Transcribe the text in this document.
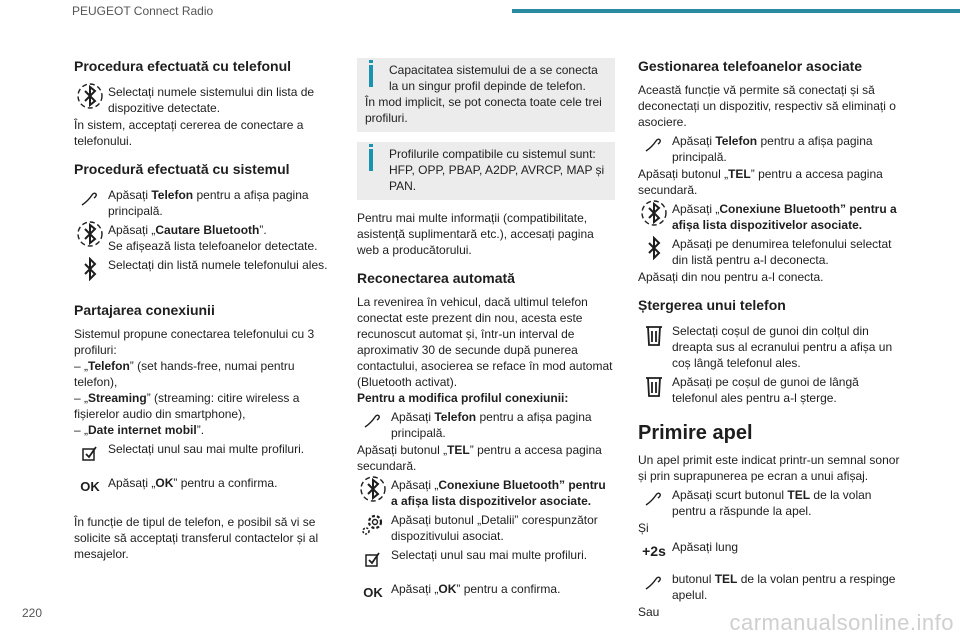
PEUGEOT Connect Radio
Procedura efectuată cu telefonul

Selectați numele sistemului din lista de dispozitive detectate.

În sistem, acceptați cererea de conectare a telefonului.

Procedură efectuată cu sistemul

Apăsați Telefon pentru a afișa pagina principală.

Apăsați „Cautare Bluetooth”.
Se afișează lista telefoanelor detectate.

Selectați din listă numele telefonului ales.

Partajarea conexiunii

Sistemul propune conectarea telefonului cu 3 profiluri:

– „Telefon” (set hands-free, numai pentru telefon),

– „Streaming” (streaming: citire wireless a fișierelor audio din smartphone),

– „Date internet mobil”.

Selectați unul sau mai multe profiluri.

OK Apăsați „OK” pentru a confirma.

În funcție de tipul de telefon, e posibil să vi se solicite să acceptați transferul contactelor și al mesajelor.

Capacitatea sistemului de a se conecta la un singur profil depinde de telefon.

În mod implicit, se pot conecta toate cele trei profiluri.

Profilurile compatibile cu sistemul sunt: HFP, OPP, PBAP, A2DP, AVRCP, MAP și PAN.

Pentru mai multe informații (compatibilitate, asistență suplimentară etc.), accesați pagina web a producătorului.

Reconectarea automată

La revenirea în vehicul, dacă ultimul telefon conectat este prezent din nou, acesta este recunoscut automat și, într-un interval de aproximativ 30 de secunde după punerea contactului, asocierea se reface în mod automat (Bluetooth activat).

Pentru a modifica profilul conexiunii:

Apăsați Telefon pentru a afișa pagina principală.

Apăsați butonul „TEL” pentru a accesa pagina secundară.

Apăsați „Conexiune Bluetooth” pentru a afișa lista dispozitivelor asociate.

Apăsați butonul „Detalii” corespunzător dispozitivului asociat.

Selectați unul sau mai multe profiluri.

OK Apăsați „OK” pentru a confirma.

Gestionarea telefoanelor asociate

Această funcție vă permite să conectați și să deconectați un dispozitiv, respectiv să eliminați o asociere.

Apăsați Telefon pentru a afișa pagina principală.

Apăsați butonul „TEL” pentru a accesa pagina secundară.

Apăsați „Conexiune Bluetooth” pentru a afișa lista dispozitivelor asociate.

Apăsați pe denumirea telefonului selectat din listă pentru a-l deconecta.

Apăsați din nou pentru a-l conecta.

Ștergerea unui telefon

Selectați coșul de gunoi din colțul din dreapta sus al ecranului pentru a afișa un coș lângă telefonul ales.

Apăsați pe coșul de gunoi de lângă telefonul ales pentru a-l șterge.

Primire apel

Un apel primit este indicat printr-un semnal sonor și prin suprapunerea pe ecran a unui afișaj.

Apăsați scurt butonul TEL de la volan pentru a răspunde la apel.

Și

+2s Apăsați lung

butonul TEL de la volan pentru a respinge apelul.

Sau

220	carmanualsonline.info
